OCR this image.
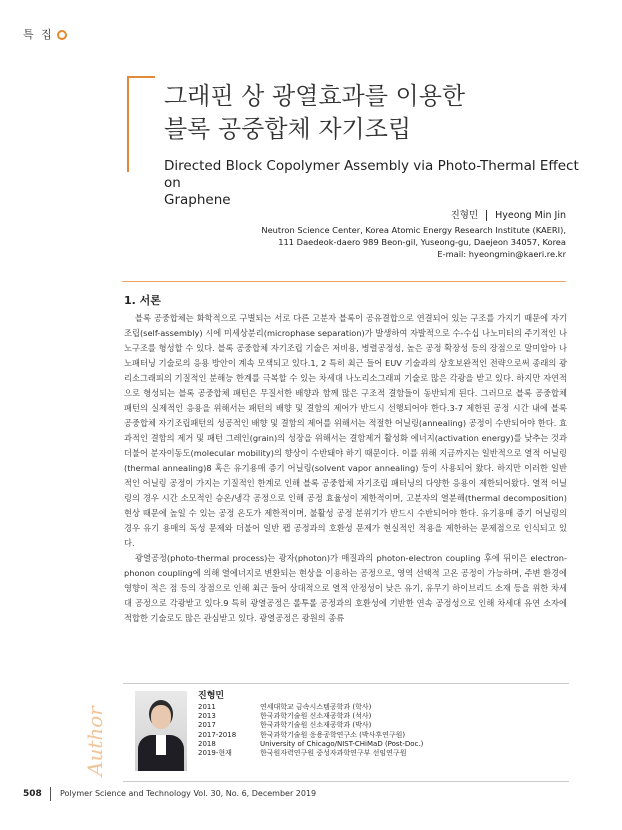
특 집
그래핀 상 광열효과를 이용한
블록 공중합체 자기조립
Directed Block Copolymer Assembly via Photo-Thermal Effect on
Graphene
진형민 Hyeong Min Jin
Neutron Science Center, Korea Atomic Energy Research Institute (KAERI),
111 Daedeok-daero 989 Beon-gil, Yuseong-gu, Daejeon 34057, Korea
E-mail: hyeongmin@kaeri.re.kr
1. 서론

블록 공중합체는 화학적으로 구별되는 서로 다른 고분자 블록이 공유결합으로 연결되어 있는 구조를 가지기 때문에 자기조립(self-assembly) 시에 미세상분리(microphase separation)가 발생하여 자발적으로 수-수십 나노미터의 주기적인 나노구조를 형성할 수 있다. 블록 공중합체 자기조립 기술은 저비용, 병렬공정성, 높은 공정 확장성 등의 장점으로 말미암아 나노패터닝 기술로의 응용 방안이 계속 모색되고 있다.1, 2 특히 최근 들어 EUV 기술과의 상호보완적인 전략으로써 종래의 광리소그래피의 기질적인 분해능 한계를 극복할 수 있는 차세대 나노리소그래피 기술로 많은 각광을 받고 있다. 하지만 자연적으로 형성되는 블록 공중합체 패턴은 무질서한 배향과 함께 많은 구조적 결함들이 동반되게 된다. 그러므로 블록 공중합체 패턴의 실제적인 응용을 위해서는 패턴의 배향 및 결함의 제어가 반드시 선행되어야 한다.3-7 제한된 공정 시간 내에 블록 공중합체 자기조립패턴의 성공적인 배향 및 결함의 제어를 위해서는 적절한 어닐링(annealing) 공정이 수반되어야 한다. 효과적인 결함의 제거 및 패턴 그레인(grain)의 성장을 위해서는 결함제거 활성화 에너지(activation energy)를 낮추는 것과 더불어 분자이동도(molecular mobility)의 향상이 수반돼야 하기 때문이다. 이를 위해 지금까지는 일반적으로 열적 어닐링(thermal annealing)8 혹은 유기용매 증기 어닐링(solvent vapor annealing) 등이 사용되어 왔다. 하지만 이러한 일반적인 어닐링 공정이 가지는 기질적인 한계로 인해 블록 공중합체 자기조립 패터닝의 다양한 응용이 제한되어왔다. 열적 어닐링의 경우 시간 소모적인 승온/냉각 공정으로 인해 공정 효율성이 제한적이며, 고분자의 열분해(thermal decomposition) 현상 때문에 높일 수 있는 공정 온도가 제한적이며, 불활성 공정 분위기가 반드시 수반되어야 한다. 유기용매 증기 어닐링의 경우 유기 용매의 독성 문제와 더불어 일반 팹 공정과의 호환성 문제가 현실적인 적용을 제한하는 문제점으로 인식되고 있다.

광열공정(photo-thermal process)는 광자(photon)가 매질과의 photon-electron coupling 후에 뒤이은 electron-phonon coupling에 의해 열에너지로 변환되는 현상을 이용하는 공정으로, 영역 선택적 고온 공정이 가능하며, 주변 환경에 영향이 적은 점 등의 장점으로 인해 최근 들어 상대적으로 열적 안정성이 낮은 유기, 유무기 하이브리드 소재 등을 위한 차세대 공정으로 각광받고 있다.9 특히 광열공정은 롤투롤 공정과의 호환성에 기반한 연속 공정성으로 인해 차세대 유연 소자에 적합한 기술로도 많은 관심받고 있다. 광열공정은 광원의 종류

Author
진형민
2011	연세대학교 금속시스템공학과 (학사)
2013	한국과학기술원 신소재공학과 (석사)
2017	한국과학기술원 신소재공학과 (박사)
2017-2018	한국과학기술원 응용공학연구소 (박사후연구원)
2018	University of Chicago/NIST-CHiMaD (Post-Doc.)
2019-현재	한국원자력연구원 중성자과학연구부 선임연구원
508 Polymer Science and Technology Vol. 30, No. 6, December 2019
